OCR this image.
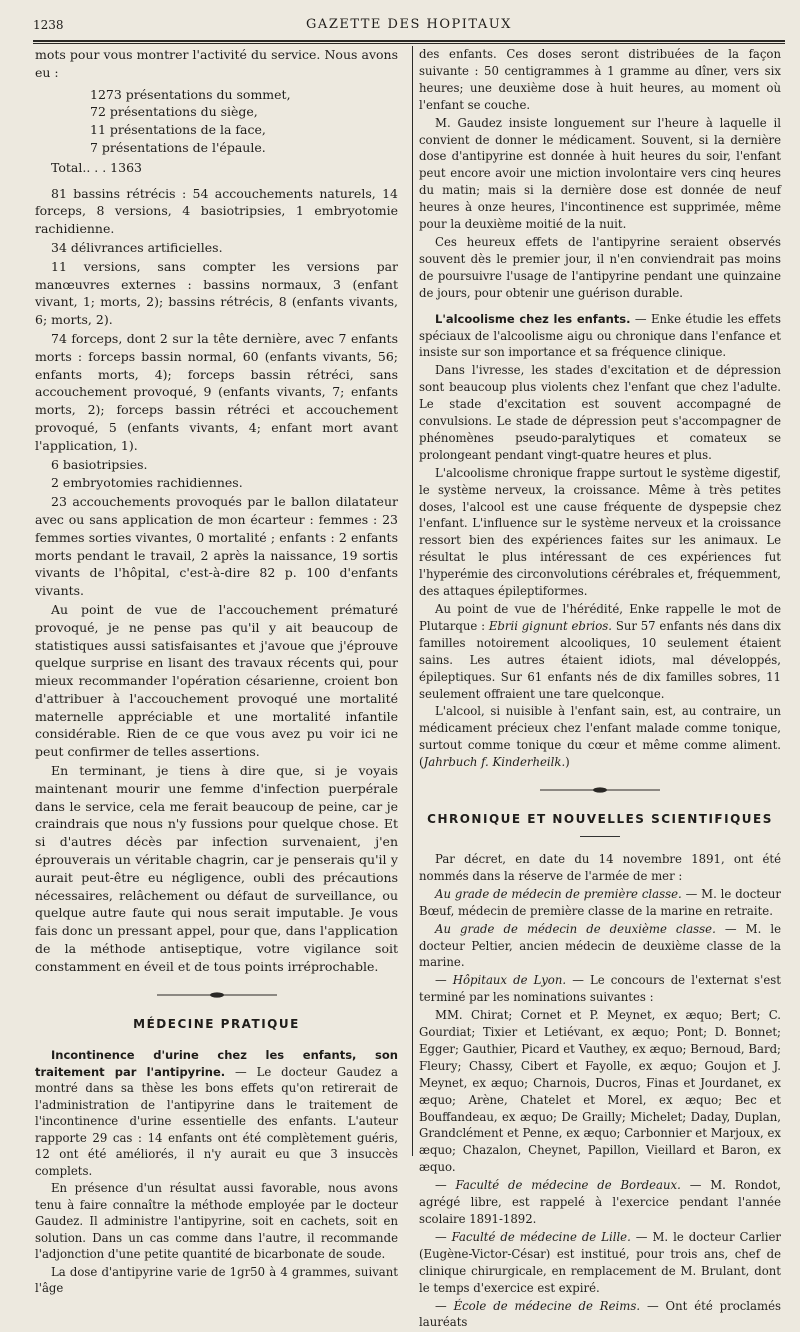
1238	GAZETTE DES HOPITAUX

mots pour vous montrer l'activité du service. Nous avons eu :

1273 présentations du sommet,
72 présentations du siège,
11 présentations de la face,
7 présentations de l'épaule.

Total.. . . 1363

81 bassins rétrécis : 54 accouchements naturels, 14 forceps, 8 versions, 4 basiotripsies, 1 embryotomie rachidienne.

34 délivrances artificielles.

11 versions, sans compter les versions par manœuvres externes : bassins normaux, 3 (enfant vivant, 1; morts, 2); bassins rétrécis, 8 (enfants vivants, 6; morts, 2).

74 forceps, dont 2 sur la tête dernière, avec 7 enfants morts : forceps bassin normal, 60 (enfants vivants, 56; enfants morts, 4); forceps bassin rétréci, sans accouchement provoqué, 9 (enfants vivants, 7; enfants morts, 2); forceps bassin rétréci et accouchement provoqué, 5 (enfants vivants, 4; enfant mort avant l'application, 1).

6 basiotripsies.

2 embryotomies rachidiennes.

23 accouchements provoqués par le ballon dilatateur avec ou sans application de mon écarteur : femmes : 23 femmes sorties vivantes, 0 mortalité ; enfants : 2 enfants morts pendant le travail, 2 après la naissance, 19 sortis vivants de l'hôpital, c'est-à-dire 82 p. 100 d'enfants vivants.

Au point de vue de l'accouchement prématuré provoqué, je ne pense pas qu'il y ait beaucoup de statistiques aussi satisfaisantes et j'avoue que j'éprouve quelque surprise en lisant des travaux récents qui, pour mieux recommander l'opération césarienne, croient bon d'attribuer à l'accouchement provoqué une mortalité maternelle appréciable et une mortalité infantile considérable. Rien de ce que vous avez pu voir ici ne peut confirmer de telles assertions.

En terminant, je tiens à dire que, si je voyais maintenant mourir une femme d'infection puerpérale dans le service, cela me ferait beaucoup de peine, car je craindrais que nous n'y fussions pour quelque chose. Et si d'autres décès par infection survenaient, j'en éprouverais un véritable chagrin, car je penserais qu'il y aurait peut-être eu négligence, oubli des précautions nécessaires, relâchement ou défaut de surveillance, ou quelque autre faute qui nous serait imputable. Je vous fais donc un pressant appel, pour que, dans l'application de la méthode antiseptique, votre vigilance soit constamment en éveil et de tous points irréprochable.

MÉDECINE PRATIQUE

Incontinence d'urine chez les enfants, son traitement par l'antipyrine. — Le docteur Gaudez a montré dans sa thèse les bons effets qu'on retirerait de l'administration de l'antipyrine dans le traitement de l'incontinence d'urine essentielle des enfants. L'auteur rapporte 29 cas : 14 enfants ont été complètement guéris, 12 ont été améliorés, il n'y aurait eu que 3 insuccès complets.

En présence d'un résultat aussi favorable, nous avons tenu à faire connaître la méthode employée par le docteur Gaudez. Il administre l'antipyrine, soit en cachets, soit en solution. Dans un cas comme dans l'autre, il recommande l'adjonction d'une petite quantité de bicarbonate de soude.

La dose d'antipyrine varie de 1gr50 à 4 grammes, suivant l'âge

des enfants. Ces doses seront distribuées de la façon suivante : 50 centigrammes à 1 gramme au dîner, vers six heures; une deuxième dose à huit heures, au moment où l'enfant se couche.

M. Gaudez insiste longuement sur l'heure à laquelle il convient de donner le médicament. Souvent, si la dernière dose d'antipyrine est donnée à huit heures du soir, l'enfant peut encore avoir une miction involontaire vers cinq heures du matin; mais si la dernière dose est donnée de neuf heures à onze heures, l'incontinence est supprimée, même pour la deuxième moitié de la nuit.

Ces heureux effets de l'antipyrine seraient observés souvent dès le premier jour, il n'en conviendrait pas moins de poursuivre l'usage de l'antipyrine pendant une quinzaine de jours, pour obtenir une guérison durable.

L'alcoolisme chez les enfants. — Enke étudie les effets spéciaux de l'alcoolisme aigu ou chronique dans l'enfance et insiste sur son importance et sa fréquence clinique.

Dans l'ivresse, les stades d'excitation et de dépression sont beaucoup plus violents chez l'enfant que chez l'adulte. Le stade d'excitation est souvent accompagné de convulsions. Le stade de dépression peut s'accompagner de phénomènes pseudo-paralytiques et comateux se prolongeant pendant vingt-quatre heures et plus.

L'alcoolisme chronique frappe surtout le système digestif, le système nerveux, la croissance. Même à très petites doses, l'alcool est une cause fréquente de dyspepsie chez l'enfant. L'influence sur le système nerveux et la croissance ressort bien des expériences faites sur les animaux. Le résultat le plus intéressant de ces expériences fut l'hyperémie des circonvolutions cérébrales et, fréquemment, des attaques épileptiformes.

Au point de vue de l'hérédité, Enke rappelle le mot de Plutarque : Ebrii gignunt ebrios. Sur 57 enfants nés dans dix familles notoirement alcooliques, 10 seulement étaient sains. Les autres étaient idiots, mal développés, épileptiques. Sur 61 enfants nés de dix familles sobres, 11 seulement offraient une tare quelconque.

L'alcool, si nuisible à l'enfant sain, est, au contraire, un médicament précieux chez l'enfant malade comme tonique, surtout comme tonique du cœur et même comme aliment. (Jahrbuch f. Kinderheilk.)

CHRONIQUE ET NOUVELLES SCIENTIFIQUES

Par décret, en date du 14 novembre 1891, ont été nommés dans la réserve de l'armée de mer :

Au grade de médecin de première classe. — M. le docteur Bœuf, médecin de première classe de la marine en retraite.

Au grade de médecin de deuxième classe. — M. le docteur Peltier, ancien médecin de deuxième classe de la marine.

— Hôpitaux de Lyon. — Le concours de l'externat s'est terminé par les nominations suivantes :

MM. Chirat; Cornet et P. Meynet, ex æquo; Bert; C. Gourdiat; Tixier et Letiévant, ex æquo; Pont; D. Bonnet; Egger; Gauthier, Picard et Vauthey, ex æquo; Bernoud, Bard; Fleury; Chassy, Cibert et Fayolle, ex æquo; Goujon et J. Meynet, ex æquo; Charnois, Ducros, Finas et Jourdanet, ex æquo; Arène, Chatelet et Morel, ex æquo; Bec et Bouffandeau, ex æquo; De Grailly; Michelet; Daday, Duplan, Grandclément et Penne, ex æquo; Carbonnier et Marjoux, ex æquo; Chazalon, Cheynet, Papillon, Vieillard et Baron, ex æquo.

— Faculté de médecine de Bordeaux. — M. Rondot, agrégé libre, est rappelé à l'exercice pendant l'année scolaire 1891-1892.

— Faculté de médecine de Lille. — M. le docteur Carlier (Eugène-Victor-César) est institué, pour trois ans, chef de clinique chirurgicale, en remplacement de M. Brulant, dont le temps d'exercice est expiré.

— École de médecine de Reims. — Ont été proclamés lauréats
